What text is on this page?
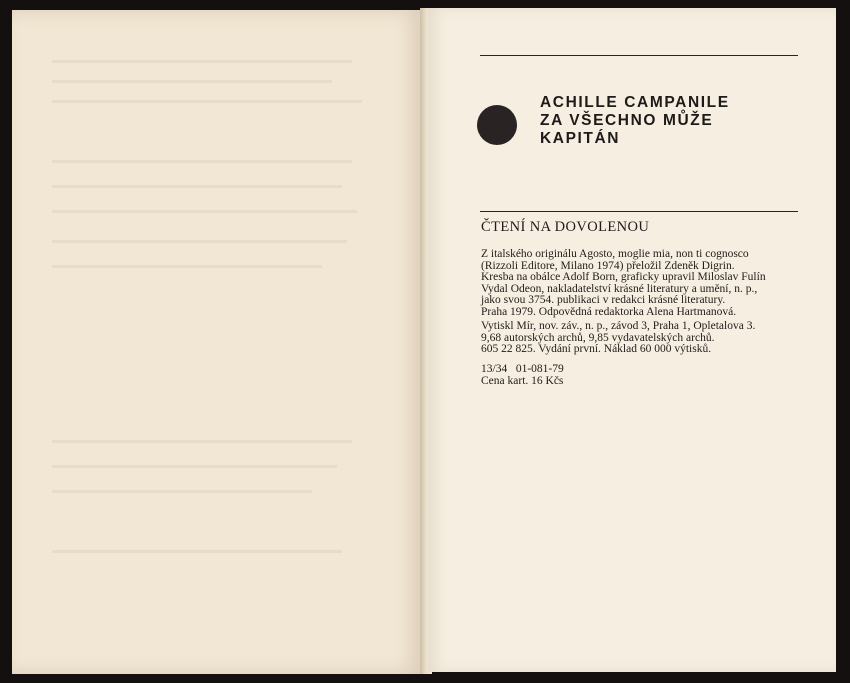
ACHILLE CAMPANILE
ZA VŠECHNO MŮŽE
KAPITÁN
ČTENÍ NA DOVOLENOU
Z italského originálu Agosto, moglie mia, non ti cognosco
(Rizzoli Editore, Milano 1974) přeložil Zdeněk Digrin.
Kresba na obálce Adolf Born, graficky upravil Miloslav Fulín
Vydal Odeon, nakladatelství krásné literatury a umění, n. p.,
jako svou 3754. publikaci v redakci krásné literatury.
Praha 1979. Odpovědná redaktorka Alena Hartmanová.
Vytiskl Mír, nov. záv., n. p., závod 3, Praha 1, Opletalova 3.
9,68 autorských archů, 9,85 vydavatelských archů.
605 22 825. Vydání první. Náklad 60 000 výtisků.
13/34   01-081-79
Cena kart. 16 Kčs
